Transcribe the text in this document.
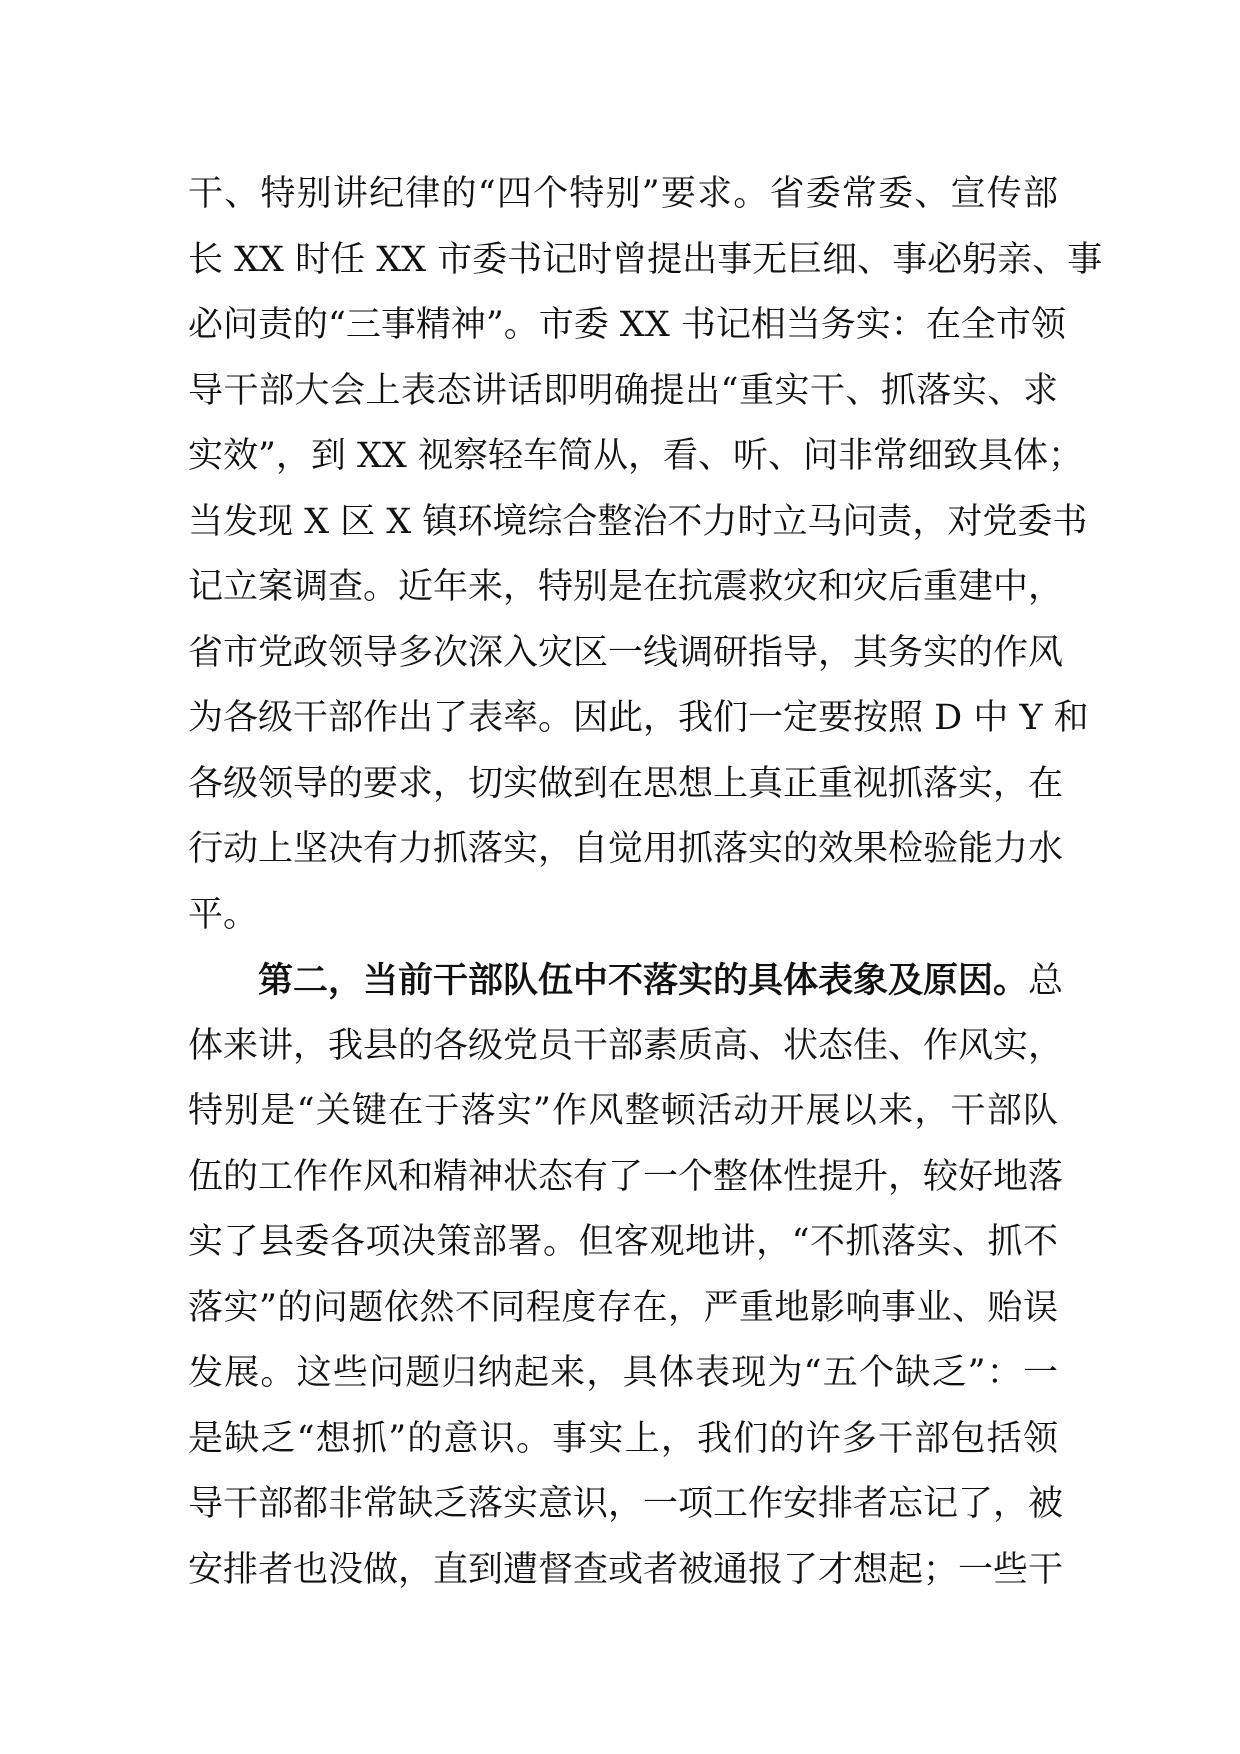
干、特别讲纪律的“四个特别”要求。省委常委、宣传部
长 XX 时任 XX 市委书记时曾提出事无巨细、事必躬亲、事
必问责的“三事精神”。市委 XX 书记相当务实：在全市领
导干部大会上表态讲话即明确提出“重实干、抓落实、求
实效”，到 XX 视察轻车简从，看、听、问非常细致具体；
当发现 X 区 X 镇环境综合整治不力时立马问责，对党委书
记立案调查。近年来，特别是在抗震救灾和灾后重建中，
省市党政领导多次深入灾区一线调研指导，其务实的作风
为各级干部作出了表率。因此，我们一定要按照 D 中 Y 和
各级领导的要求，切实做到在思想上真正重视抓落实，在
行动上坚决有力抓落实，自觉用抓落实的效果检验能力水
平。
第二，当前干部队伍中不落实的具体表象及原因。总
体来讲，我县的各级党员干部素质高、状态佳、作风实，
特别是“关键在于落实”作风整顿活动开展以来，干部队
伍的工作作风和精神状态有了一个整体性提升，较好地落
实了县委各项决策部署。但客观地讲，“不抓落实、抓不
落实”的问题依然不同程度存在，严重地影响事业、贻误
发展。这些问题归纳起来，具体表现为“五个缺乏”：一
是缺乏“想抓”的意识。事实上，我们的许多干部包括领
导干部都非常缺乏落实意识，一项工作安排者忘记了，被
安排者也没做，直到遭督查或者被通报了才想起；一些干
